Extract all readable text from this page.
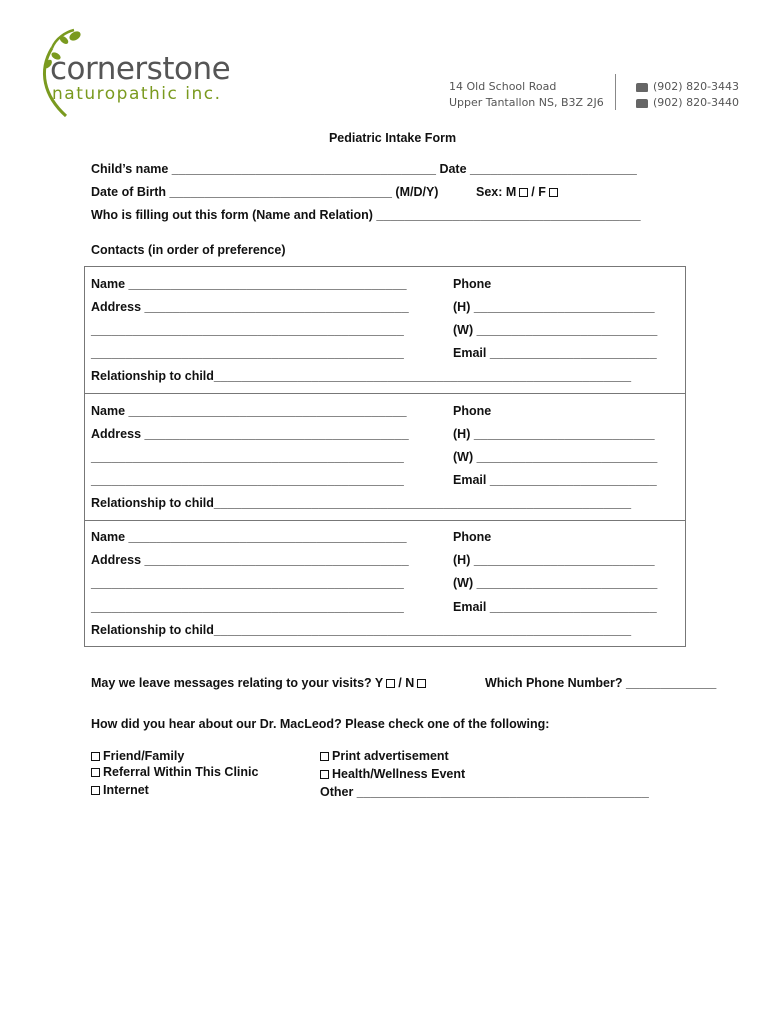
cornerstone
naturopathic inc.	14 Old School Road
Upper Tantallon NS, B3Z 2J6
(902) 820-3443
(902) 820-3440
Pediatric Intake Form
Child’s name ______________________________________ Date ________________________
Date of Birth ________________________________ (M/D/Y)	Sex: M / F
Who is filling out this form (Name and Relation) ______________________________________
Contacts (in order of preference)
Name ________________________________________
Address ______________________________________
_____________________________________________
_____________________________________________
Phone
(H) __________________________
(W) __________________________
Email ________________________
Relationship to child____________________________________________________________
Name ________________________________________
Address ______________________________________
_____________________________________________
_____________________________________________
Phone
(H) __________________________
(W) __________________________
Email ________________________
Relationship to child____________________________________________________________
Name ________________________________________
Address ______________________________________
_____________________________________________
_____________________________________________
Phone
(H) __________________________
(W) __________________________
Email ________________________
Relationship to child____________________________________________________________
May we leave messages relating to your visits? Y / N	Which Phone Number? _____________
How did you hear about our Dr. MacLeod? Please check one of the following:
Friend/Family
Referral Within This Clinic
Internet
Print advertisement
Health/Wellness Event
Other __________________________________________
